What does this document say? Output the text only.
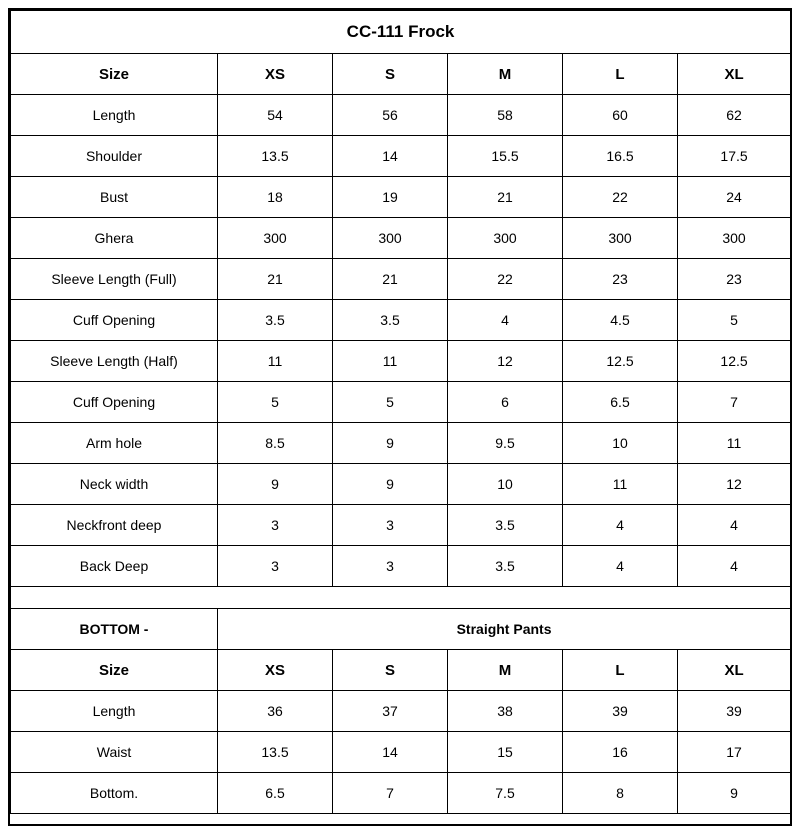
CC-111 Frock					
Size	XS	S	M	L	XL
Length	54	56	58	60	62
Shoulder	13.5	14	15.5	16.5	17.5
Bust	18	19	21	22	24
Ghera	300	300	300	300	300
Sleeve Length (Full)	21	21	22	23	23
Cuff Opening	3.5	3.5	4	4.5	5
Sleeve Length (Half)	11	11	12	12.5	12.5
Cuff Opening	5	5	6	6.5	7
Arm hole	8.5	9	9.5	10	11
Neck width	9	9	10	11	12
Neckfront deep	3	3	3.5	4	4
Back Deep	3	3	3.5	4	4

BOTTOM -	Straight Pants				
Size	XS	S	M	L	XL
Length	36	37	38	39	39
Waist	13.5	14	15	16	17
Bottom.	6.5	7	7.5	8	9
